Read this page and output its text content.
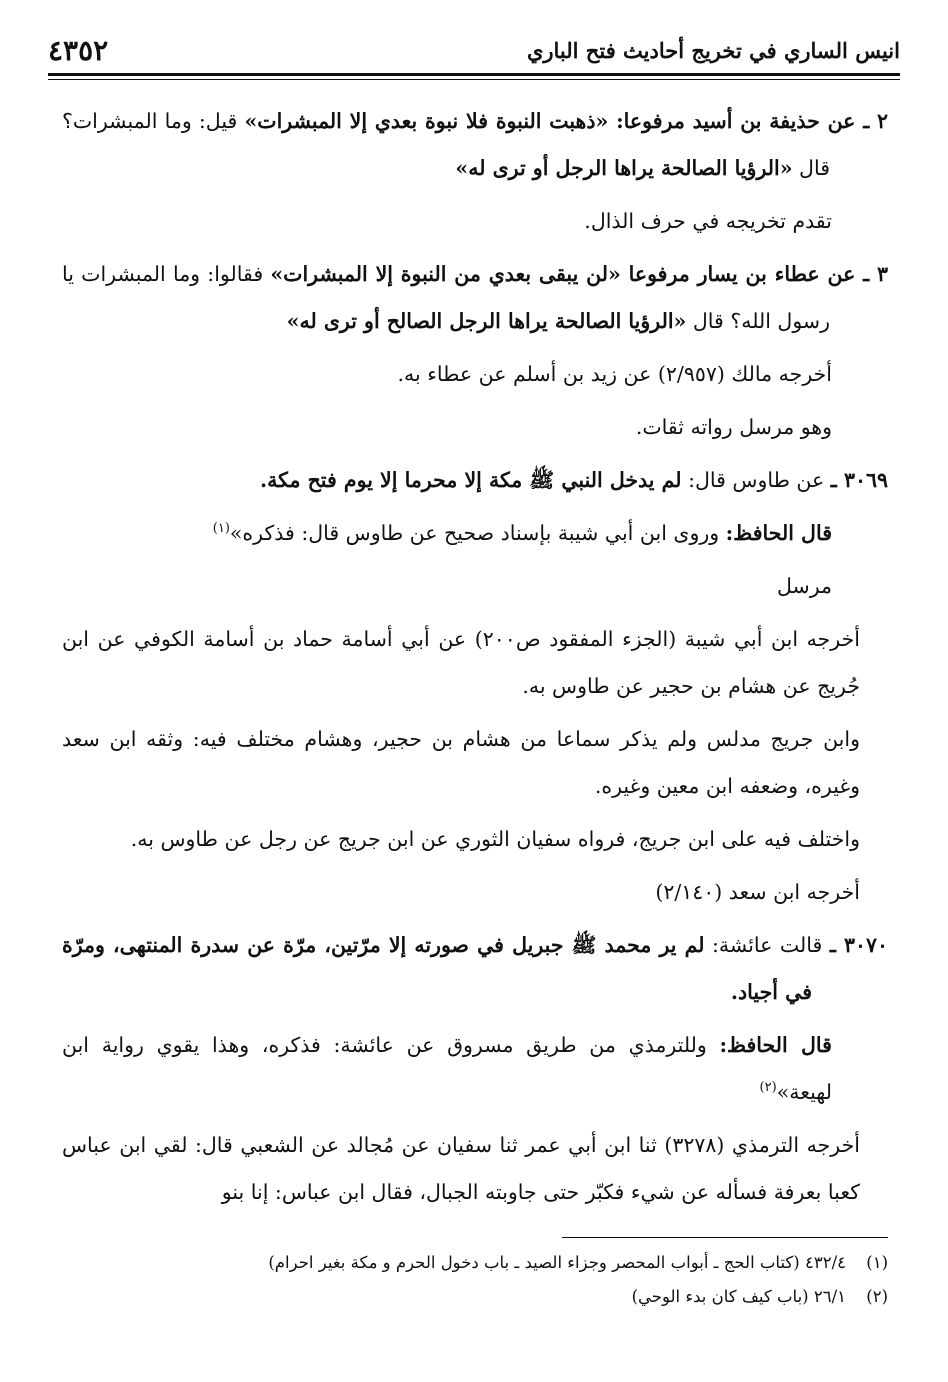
انيس الساري في تخريج أحاديث فتح الباري
٤٣٥٢

٢ ـ عن حذيفة بن أسيد مرفوعا: «ذهبت النبوة فلا نبوة بعدي إلا المبشرات» قيل: وما المبشرات؟ قال «الرؤيا الصالحة يراها الرجل أو ترى له»

تقدم تخريجه في حرف الذال.

٣ ـ عن عطاء بن يسار مرفوعا «لن يبقى بعدي من النبوة إلا المبشرات» فقالوا: وما المبشرات يا رسول الله؟ قال «الرؤيا الصالحة يراها الرجل الصالح أو ترى له»

أخرجه مالك (٢/٩٥٧) عن زيد بن أسلم عن عطاء به.

وهو مرسل رواته ثقات.

٣٠٦٩ ـ عن طاوس قال: لم يدخل النبي ﷺ مكة إلا محرما إلا يوم فتح مكة.

قال الحافظ: وروى ابن أبي شيبة بإسناد صحيح عن طاوس قال: فذكره»$^{(١)}$

مرسل

أخرجه ابن أبي شيبة (الجزء المفقود ص٢٠٠) عن أبي أسامة حماد بن أسامة الكوفي عن ابن جُريج عن هشام بن حجير عن طاوس به.

وابن جريج مدلس ولم يذكر سماعا من هشام بن حجير، وهشام مختلف فيه: وثقه ابن سعد وغيره، وضعفه ابن معين وغيره.

واختلف فيه على ابن جريج، فرواه سفيان الثوري عن ابن جريج عن رجل عن طاوس به.

أخرجه ابن سعد (٢/١٤٠)

٣٠٧٠ ـ قالت عائشة: لم ير محمد ﷺ جبريل في صورته إلا مرّتين، مرّة عن سدرة المنتهى، ومرّة في أجياد.

قال الحافظ: وللترمذي من طريق مسروق عن عائشة: فذكره، وهذا يقوي رواية ابن لهيعة»$^{(٢)}$

أخرجه الترمذي (٣٢٧٨) ثنا ابن أبي عمر ثنا سفيان عن مُجالد عن الشعبي قال: لقي ابن عباس كعبا بعرفة فسأله عن شيء فكبّر حتى جاوبته الجبال، فقال ابن عباس: إنا بنو

(١)
٤٣٢/٤ (كتاب الحج ـ أبواب المحصر وجزاء الصيد ـ باب دخول الحرم و مكة بغير احرام)
(٢)
٢٦/١ (باب كيف كان بدء الوحي)
